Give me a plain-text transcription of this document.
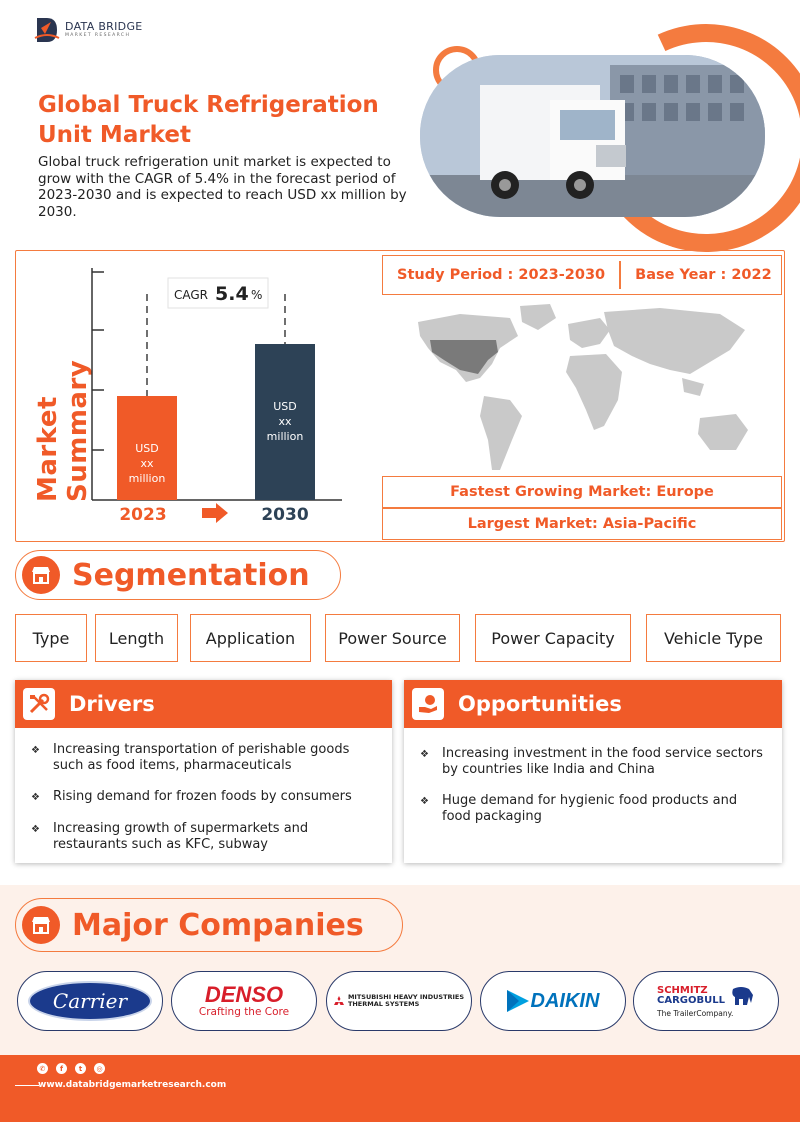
DATA BRIDGE
MARKET RESEARCH
Global Truck Refrigeration Unit Market
Global truck refrigeration unit market is expected to grow with the CAGR of 5.4% in the forecast period of 2023-2030 and is expected to reach USD xx million by 2030.
Market Summary
CAGR 5.4 %
USD
xx
million
USD
xx
million
2023	2030
Study Period : 2023-2030 Base Year : 2022
Fastest Growing Market: Europe
Largest Market: Asia-Pacific
Segmentation
Type	Length	Application	Power Source	Power Capacity	Vehicle Type
Drivers
❖	Increasing transportation of perishable goods such as food items, pharmaceuticals
❖	Rising demand for frozen foods by consumers
❖	Increasing growth of supermarkets and restaurants such as KFC, subway
Opportunities
❖	Increasing investment in the food service sectors by countries like India and China
❖	Huge demand for hygienic food products and food packaging
Major Companies
Carrier	DENSO
Crafting the Core
MITSUBISHI HEAVY INDUSTRIES
THERMAL SYSTEMS	DAIKIN	SCHMITZ
CARGOBULL
The TrailerCompany.
✆	f	t	◎
www.databridgemarketresearch.com
